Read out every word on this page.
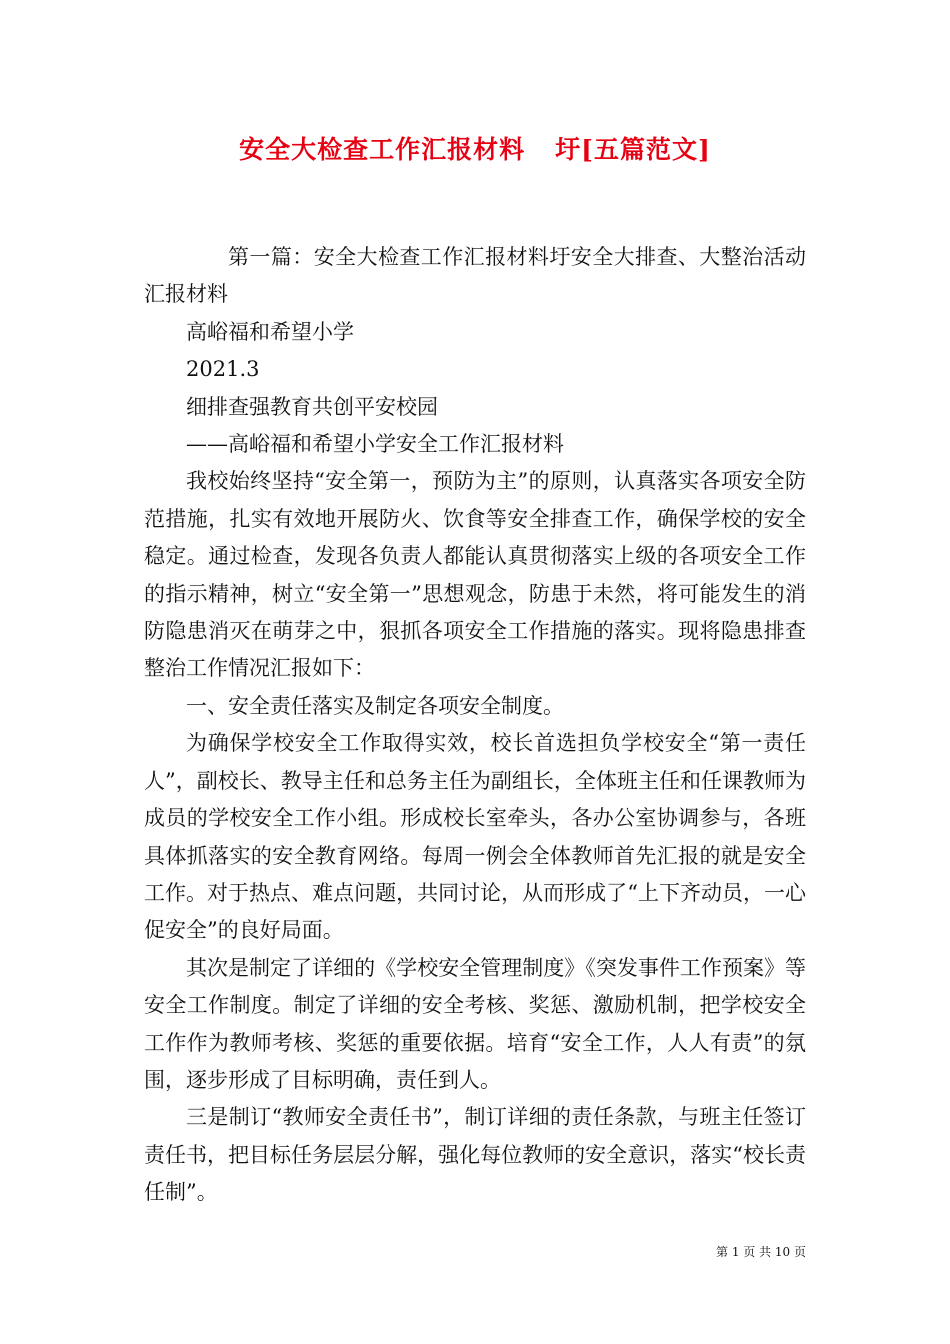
安全大检查工作汇报材料 圩[五篇范文]

第一篇：安全大检查工作汇报材料圩安全大排查、大整治活动汇报材料

高峪福和希望小学

2021.3

细排查强教育共创平安校园

——高峪福和希望小学安全工作汇报材料

我校始终坚持“安全第一，预防为主”的原则，认真落实各项安全防范措施，扎实有效地开展防火、饮食等安全排查工作，确保学校的安全稳定。通过检查，发现各负责人都能认真贯彻落实上级的各项安全工作的指示精神，树立“安全第一”思想观念，防患于未然，将可能发生的消防隐患消灭在萌芽之中，狠抓各项安全工作措施的落实。现将隐患排查整治工作情况汇报如下：

一、安全责任落实及制定各项安全制度。

为确保学校安全工作取得实效，校长首选担负学校安全“第一责任人”，副校长、教导主任和总务主任为副组长，全体班主任和任课教师为成员的学校安全工作小组。形成校长室牵头，各办公室协调参与，各班具体抓落实的安全教育网络。每周一例会全体教师首先汇报的就是安全工作。对于热点、难点问题，共同讨论，从而形成了“上下齐动员，一心促安全”的良好局面。

其次是制定了详细的《学校安全管理制度》《突发事件工作预案》等安全工作制度。制定了详细的安全考核、奖惩、激励机制，把学校安全工作作为教师考核、奖惩的重要依据。培育“安全工作，人人有责”的氛围，逐步形成了目标明确，责任到人。

三是制订“教师安全责任书”，制订详细的责任条款，与班主任签订责任书，把目标任务层层分解，强化每位教师的安全意识，落实“校长责任制”。

第 1 页 共 10 页
